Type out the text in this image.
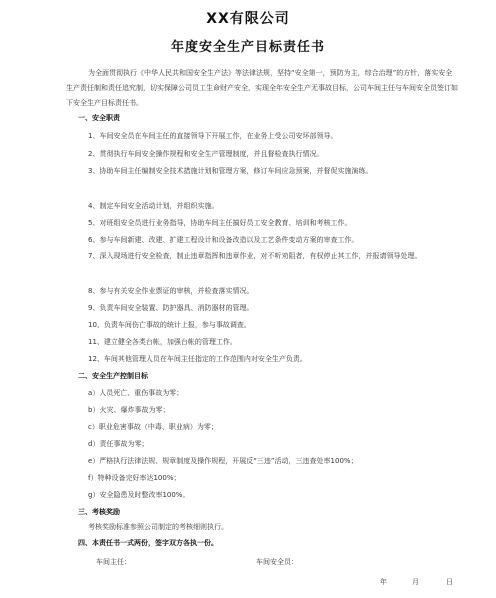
XX有限公司
年度安全生产目标责任书
为全面贯彻执行《中华人民共和国安全生产法》等法律法规，坚持“安全第一，预防为主，综合治理”的方针，落实安全生产责任制和责任追究制，切实保障公司员工生命财产安全，实现全年安全生产无事故目标，公司车间主任与车间安全员签订如下安全生产目标责任书。
一、安全职责
1、车间安全员在车间主任的直接领导下开展工作，在业务上受公司安环部领导。
2、贯彻执行车间安全操作规程和安全生产管理制度，并且督检查执行情况。
3、协助车间主任编制安全技术措施计划和管理方案，修订车间应急预案，并督促实施演练。
4、制定车间安全活动计划，并组织实施。
5、对班组安全员进行业务指导，协助车间主任搞好员工安全教育、培训和考核工作。
6、参与车间新建、改建、扩建工程设计和设备改造以及工艺条件变动方案的审查工作。
7、深入现场进行安全检查，制止违章指挥和违章作业，对不听劝阻者，有权停止其工作，并报请领导处理。
8、参与有关安全作业票证的审核，并检查落实情况。
9、负责车间安全装置、防护器具、消防器材的管理。
10、负责车间伤亡事故的统计上报，参与事故调查。
11、建立健全各类台帐，加强台帐的管理工作。
12、车间其他管理人员在车间主任指定的工作范围内对安全生产负责。
二、安全生产控制目标
a）人员死亡、重伤事故为零；
b）火灾、爆炸事故为零；
c）职业危害事故（中毒、职业病）为零；
d）责任事故为零；
e）严格执行法律法规、规章制度及操作规程，开展反“三违”活动，三违查处率100%；
f）特种设备完好率达100%；
g）安全隐患及时整改率100%。
三、考核奖励
考核奖励标准参照公司制定的考核细则执行。
四、本责任书一式两份，签字双方各执一份。
车间主任：	车间安全员：
年	月	日
